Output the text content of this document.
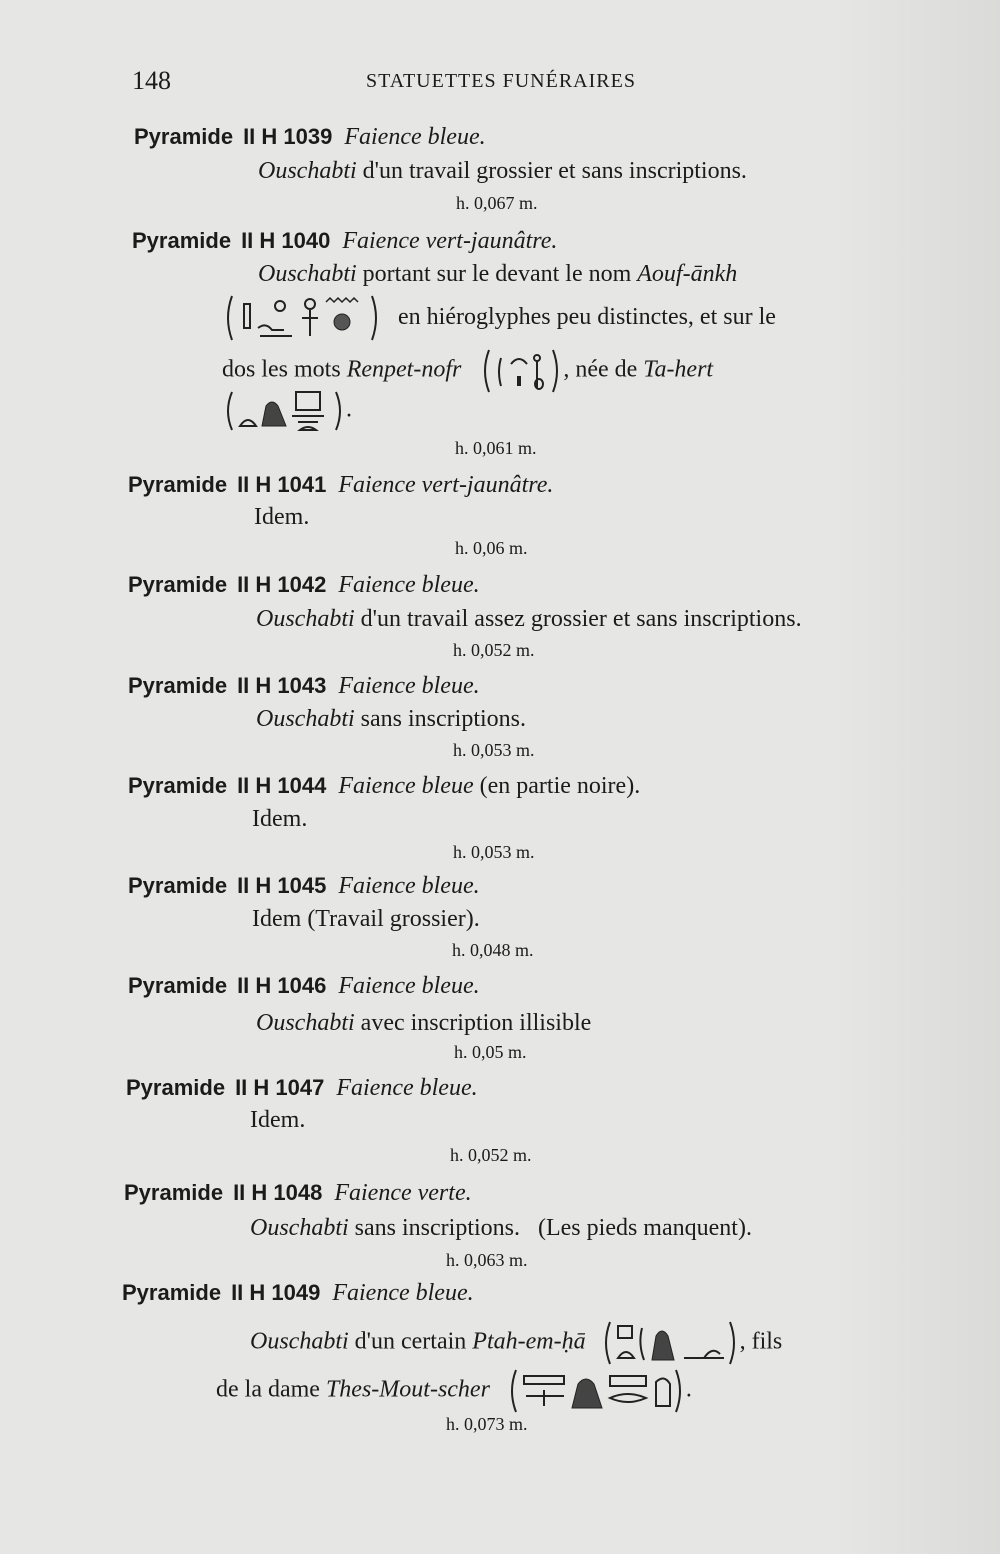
148	STATUETTES FUNÉRAIRES
Pyramide II H 1039 Faience bleue.
Ouschabti d'un travail grossier et sans inscriptions.
h. 0,067 m.
Pyramide II H 1040 Faience vert-jaunâtre.
Ouschabti portant sur le devant le nom Aouf-ānkh
en hiéroglyphes peu distinctes, et sur le
dos les mots Renpet-nofr	, née de Ta-hert
.
h. 0,061 m.
Pyramide II H 1041 Faience vert-jaunâtre.
Idem.
h. 0,06 m.
Pyramide II H 1042 Faience bleue.
Ouschabti d'un travail assez grossier et sans inscriptions.
h. 0,052 m.
Pyramide II H 1043 Faience bleue.
Ouschabti sans inscriptions.
h. 0,053 m.
Pyramide II H 1044 Faience bleue (en partie noire).
Idem.
h. 0,053 m.
Pyramide II H 1045 Faience bleue.
Idem (Travail grossier).
h. 0,048 m.
Pyramide II H 1046 Faience bleue.
Ouschabti avec inscription illisible
h. 0,05 m.
Pyramide II H 1047 Faience bleue.
Idem.
h. 0,052 m.
Pyramide II H 1048 Faience verte.
Ouschabti sans inscriptions.   (Les pieds manquent).
h. 0,063 m.
Pyramide II H 1049 Faience bleue.
Ouschabti d'un certain Ptah-em-ḥā	, fils
de la dame Thes-Mout-scher	.
h. 0,073 m.
